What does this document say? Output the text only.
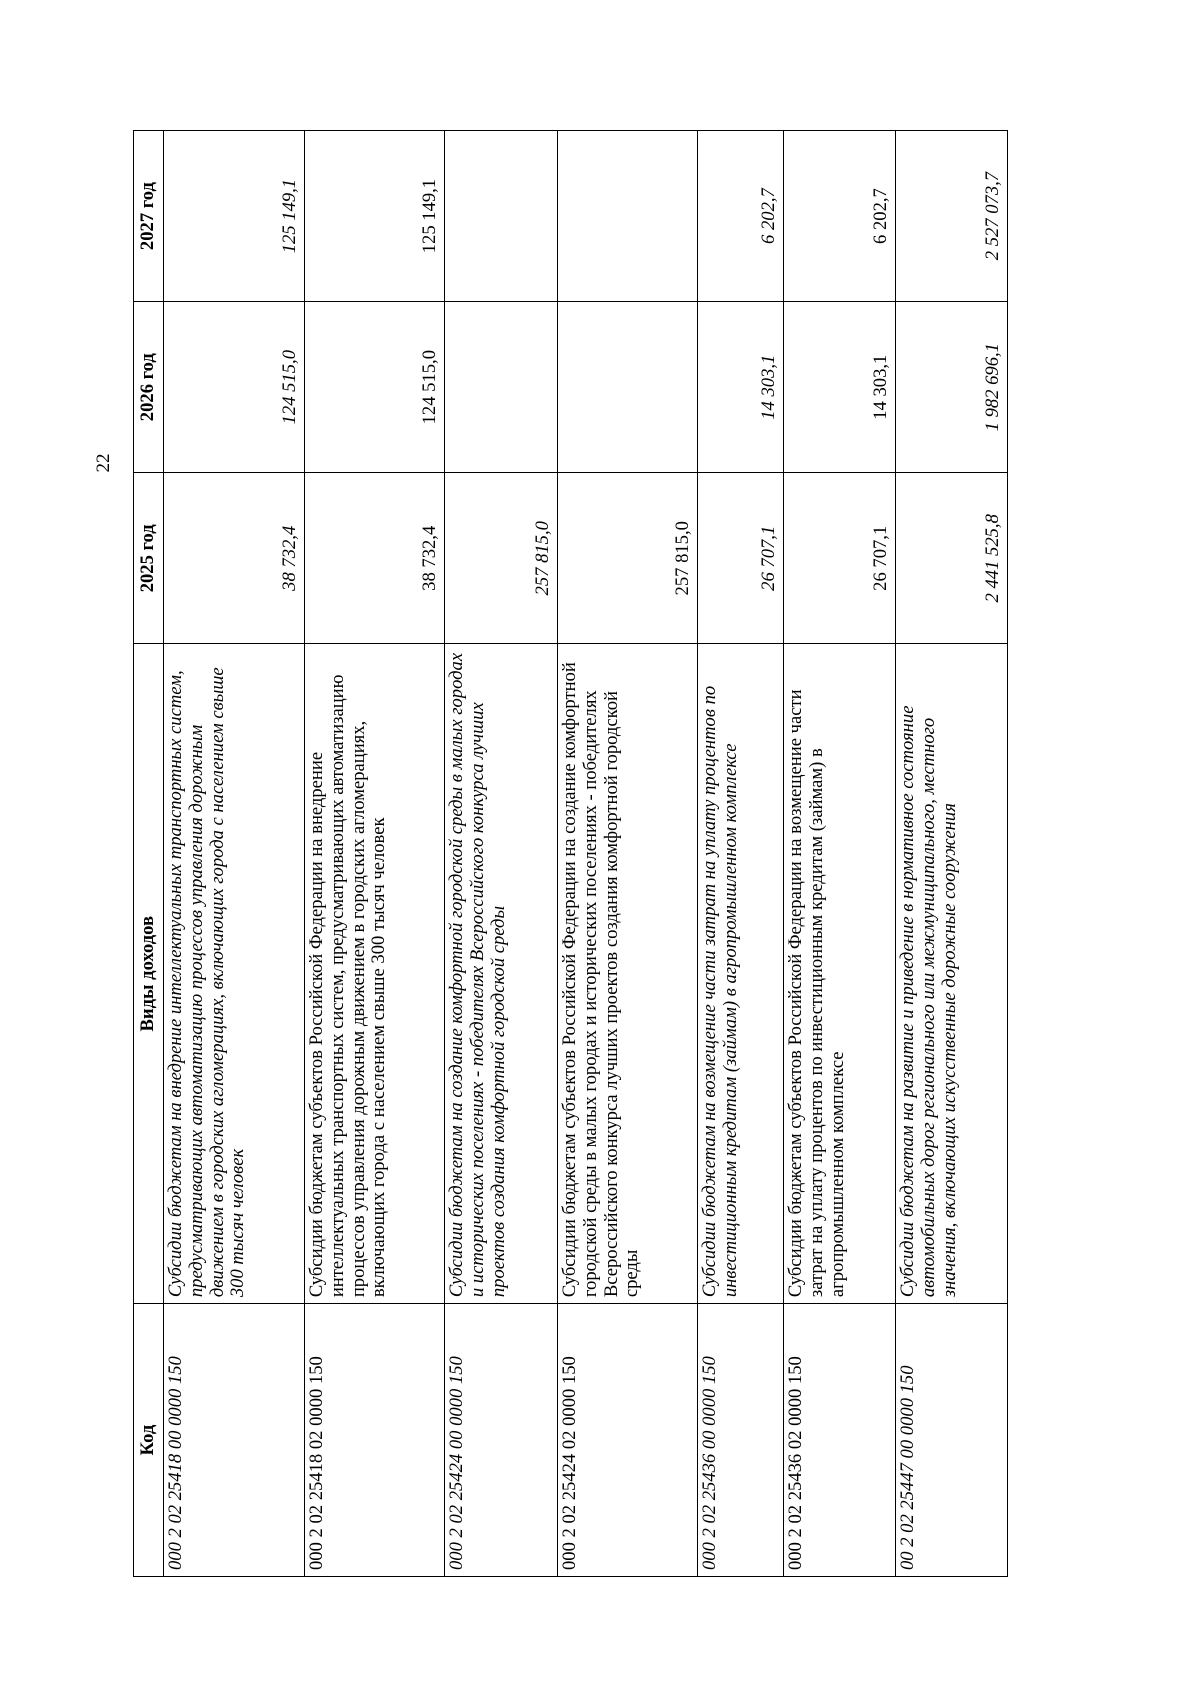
22
Код	Виды доходов	2025 год	2026 год	2027 год
000 2 02 25418 00 0000 150	Субсидии бюджетам на внедрение интеллектуальных транспортных систем, предусматривающих автоматизацию процессов управления дорожным движением в городских агломерациях, включающих города с населением свыше 300 тысяч человек	38 732,4	124 515,0	125 149,1
000 2 02 25418 02 0000 150	Субсидии бюджетам субъектов Российской Федерации на внедрение интеллектуальных транспортных систем, предусматривающих автоматизацию процессов управления дорожным движением в городских агломерациях, включающих города с населением свыше 300 тысяч человек	38 732,4	124 515,0	125 149,1
000 2 02 25424 00 0000 150	Субсидии бюджетам на создание комфортной городской среды в малых городах и исторических поселениях - победителях Всероссийского конкурса лучших проектов создания комфортной городской среды	257 815,0		
000 2 02 25424 02 0000 150	Субсидии бюджетам субъектов Российской Федерации на создание комфортной городской среды в малых городах и исторических поселениях - победителях Всероссийского конкурса лучших проектов создания комфортной городской среды	257 815,0		
000 2 02 25436 00 0000 150	Субсидии бюджетам на возмещение части затрат на уплату процентов по инвестиционным кредитам (займам) в агропромышленном комплексе	26 707,1	14 303,1	6 202,7
000 2 02 25436 02 0000 150	Субсидии бюджетам субъектов Российской Федерации на возмещение части затрат на уплату процентов по инвестиционным кредитам (займам) в агропромышленном комплексе	26 707,1	14 303,1	6 202,7
00 2 02 25447 00 0000 150	Субсидии бюджетам на развитие и приведение в нормативное состояние автомобильных дорог регионального или межмуниципального, местного значения, включающих искусственные дорожные сооружения	2 441 525,8	1 982 696,1	2 527 073,7
